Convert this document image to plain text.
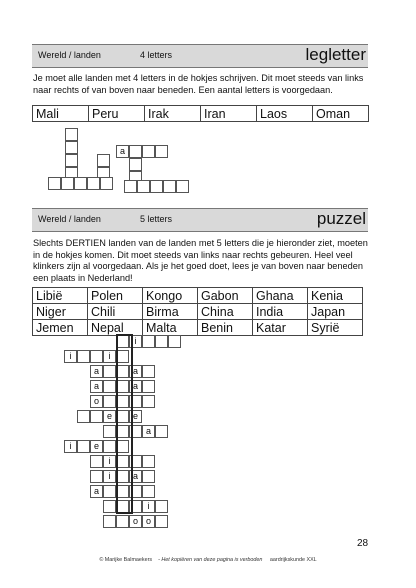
Wereld / landen	4 letters	legletter
Je moet alle landen met 4 letters in de hokjes schrijven. Dit moet steeds van links naar rechts of van boven naar beneden. Een aantal letters is voorgedaan.
Mali	Peru	Irak	Iran	Laos	Oman
a
Wereld / landen	5 letters	puzzel
Slechts DERTIEN landen van de landen met 5 letters die je hieronder ziet, moeten in de hokjes komen. Dit moet steeds van links naar rechts gebeuren. Heel veel klinkers zijn al voorgedaan. Als je het goed doet, lees je van boven naar beneden een plaats in Nederland!
Libië	Polen	Kongo	Gabon	Ghana	Kenia
Niger	Chili	Birma	China	India	Japan
Jemen	Nepal	Malta	Benin	Katar	Syrië
i
i	i
a	a
a	a
o
e	e
a
i	e
i
i	a
a
i
o o
28
© Marijke Balmaekers - Het kopiëren van deze pagina is verboden aardrijkskunde XXL
